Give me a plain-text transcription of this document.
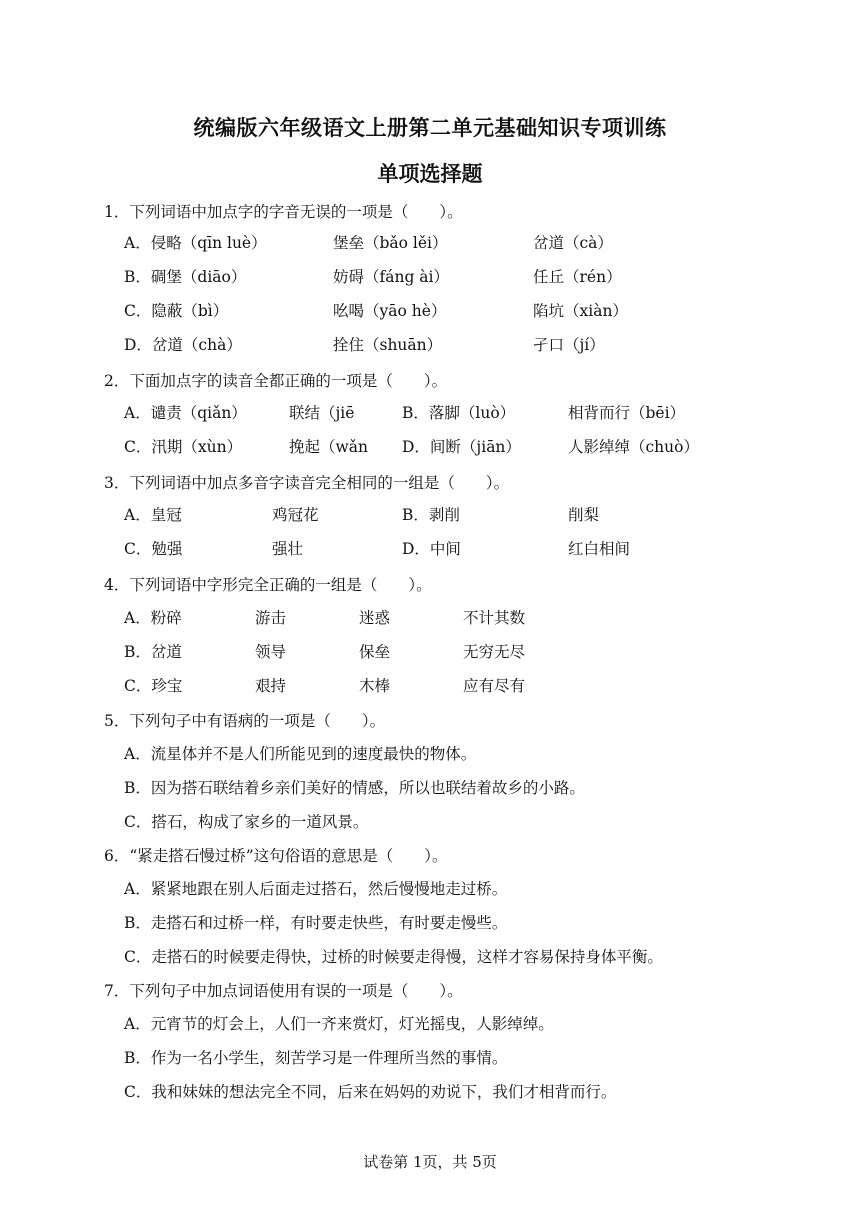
统编版六年级语文上册第二单元基础知识专项训练
单项选择题
1．下列词语中加点字的字音无误的一项是（　　）。
A．侵略（qīn luè）	堡垒（bǎo lěi）	岔道（cà）
B．碉堡（diāo）	妨碍（fáng ài）	任丘（rén）
C．隐蔽（bì）	吆喝（yāo hè）	陷坑（xiàn）
D．岔道（chà）	拴住（shuān）	孑口（jí）
2．下面加点字的读音全都正确的一项是（　　）。
A．谴责（qiǎn）	联结（jiē	B．落脚（luò）	相背而行（bēi）
C．汛期（xùn）	挽起（wǎn D．间断（jiān）	人影绰绰（chuò）
3．下列词语中加点多音字读音完全相同的一组是（　　）。
A．皇冠	鸡冠花	B．剥削	削梨
C．勉强	强壮	D．中间	红白相间
4．下列词语中字形完全正确的一组是（　　）。
A．粉碎	游击	迷惑	不计其数
B．岔道	领导	保垒	无穷无尽
C．珍宝	艰持	木棒	应有尽有
5．下列句子中有语病的一项是（　　）。
A．流星体并不是人们所能见到的速度最快的物体。
B．因为搭石联结着乡亲们美好的情感，所以也联结着故乡的小路。
C．搭石，构成了家乡的一道风景。
6．“紧走搭石慢过桥”这句俗语的意思是（　　）。
A．紧紧地跟在别人后面走过搭石，然后慢慢地走过桥。
B．走搭石和过桥一样，有时要走快些，有时要走慢些。
C．走搭石的时候要走得快，过桥的时候要走得慢，这样才容易保持身体平衡。
7．下列句子中加点词语使用有误的一项是（　　）。
A．元宵节的灯会上，人们一齐来赏灯，灯光摇曳，人影绰绰。
B．作为一名小学生，刻苦学习是一件理所当然的事情。
C．我和妹妹的想法完全不同，后来在妈妈的劝说下，我们才相背而行。
试卷第 1页，共 5页
